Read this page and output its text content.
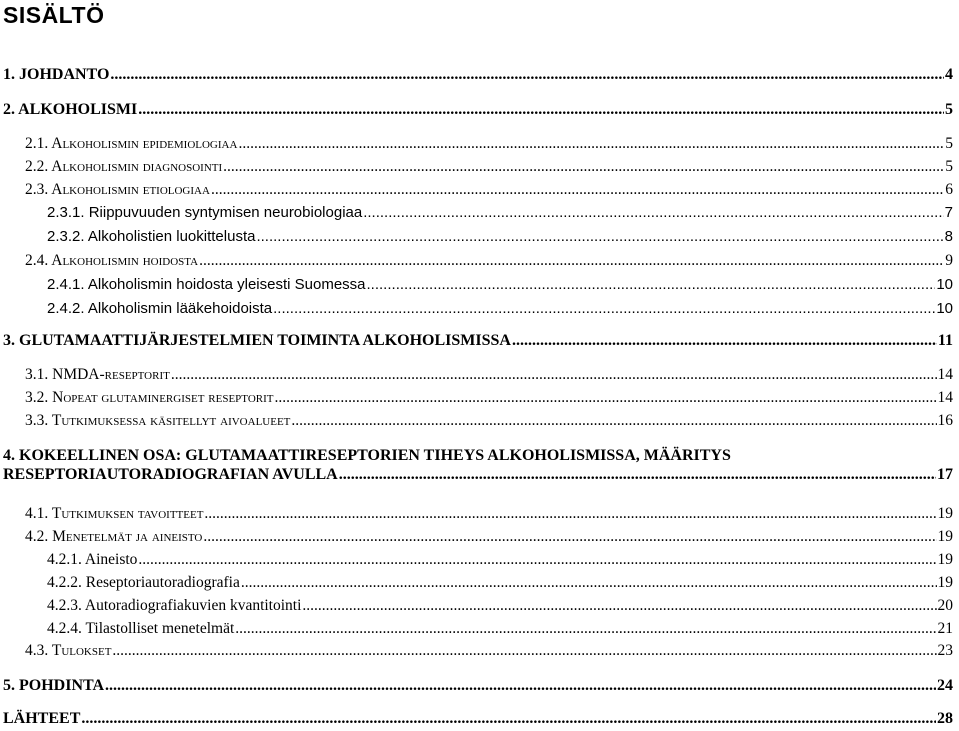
SISÄLTÖ
1. JOHDANTO .....	4
2. ALKOHOLISMI .....	5
2.1. Alkoholismin epidemiologiaa .....	5
2.2. Alkoholismin diagnosointi .....	5
2.3. Alkoholismin etiologiaa .....	6
2.3.1. Riippuvuuden syntymisen neurobiologiaa .....	7
2.3.2. Alkoholistien luokittelusta .....	8
2.4. Alkoholismin hoidosta .....	9
2.4.1. Alkoholismin hoidosta yleisesti Suomessa .....	10
2.4.2. Alkoholismin lääkehoidoista .....	10
3. GLUTAMAATTIJÄRJESTELMIEN TOIMINTA ALKOHOLISMISSA .....	11
3.1. NMDA-reseptorit .....	14
3.2. Nopeat glutaminergiset reseptorit .....	14
3.3. Tutkimuksessa käsitellyt aivoalueet .....	16
4. KOKEELLINEN OSA: GLUTAMAATTIRESEPTORIEN TIHEYS ALKOHOLISMISSA, MÄÄRITYS
RESEPTORIAUTORADIOGRAFIAN AVULLA .....	17
4.1. Tutkimuksen tavoitteet .....	19
4.2. Menetelmät ja aineisto .....	19
4.2.1. Aineisto .....	19
4.2.2. Reseptoriautoradiografia .....	19
4.2.3. Autoradiografiakuvien kvantitointi .....	20
4.2.4. Tilastolliset menetelmät .....	21
4.3. Tulokset .....	23
5. POHDINTA .....	24
LÄHTEET .....	28
